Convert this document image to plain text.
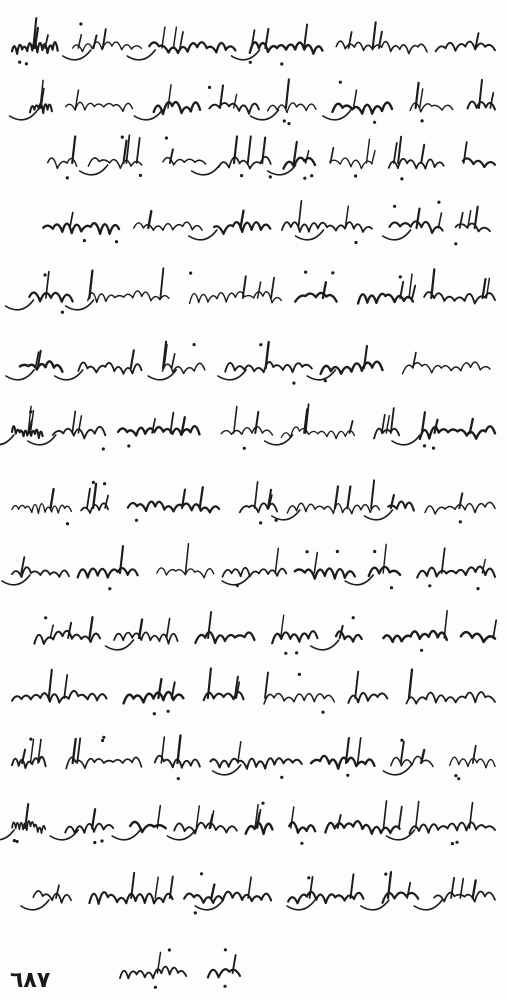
٦٨٧
